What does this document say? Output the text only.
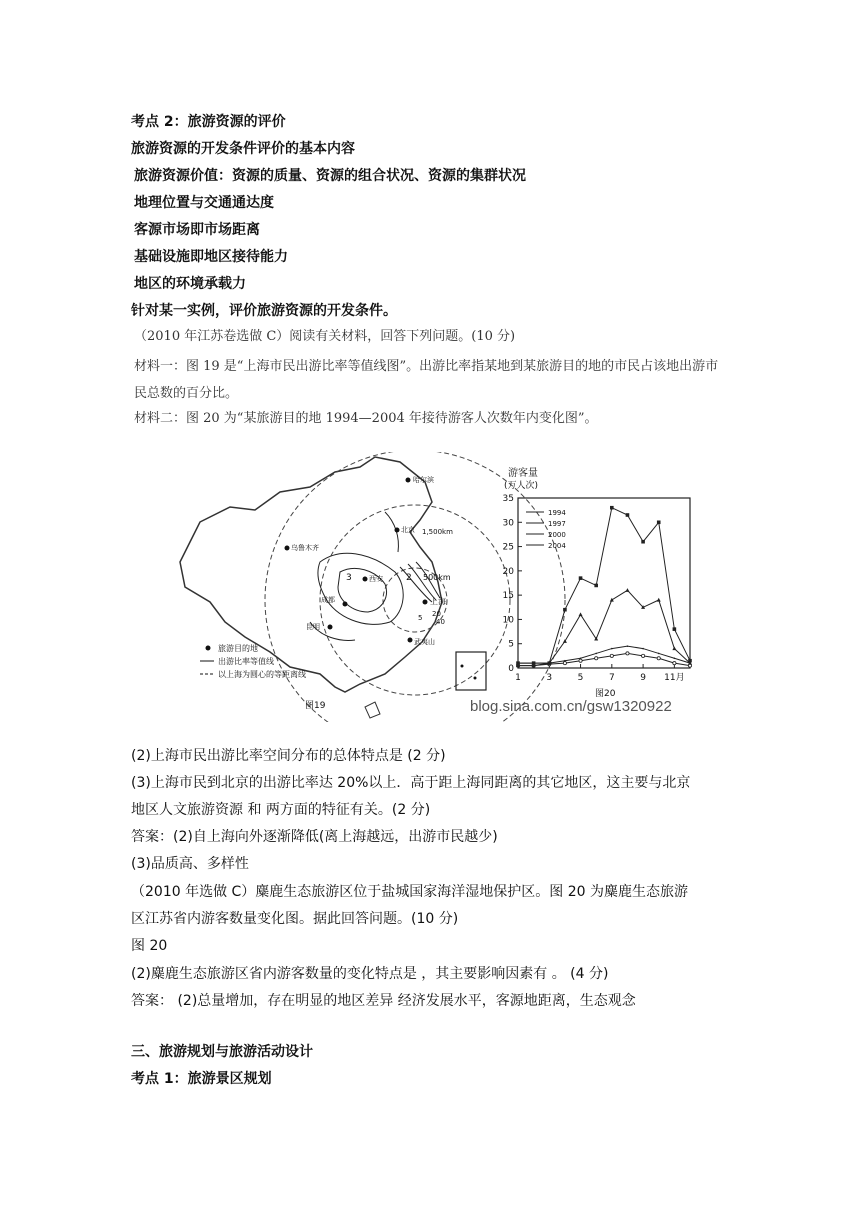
考点 2：旅游资源的评价
旅游资源的开发条件评价的基本内容
旅游资源价值：资源的质量、资源的组合状况、资源的集群状况
地理位置与交通通达度
客源市场即市场距离
基础设施即地区接待能力
地区的环境承载力
针对某一实例，评价旅游资源的开发条件。
（2010 年江苏卷选做 C）阅读有关材料，回答下列问题。(10 分)
材料一：图 19 是“上海市民出游比率等值线图”。出游比率指某地到某旅游目的地的市民占该地出游市民总数的百分比。
材料二：图 20 为“某旅游目的地 1994—2004 年接待游客人次数年内变化图”。
乌鲁木齐
哈尔滨
北京
西安
成都
昆明
上海
武夷山
500km
1,500km
2
3
5 20
40
旅游目的地
出游比率等值线
以上海为圆心的等距离线
图19
游客量
(万人次)
0
5
10
15
20
25
30
35
1	3	5	7	9 11月
1994
1997
2000
2004
图20
blog.sina.com.cn/gsw1320922
(2)上海市民出游比率空间分布的总体特点是 (2 分)
(3)上海市民到北京的出游比率达 20%以上．高于距上海同距离的其它地区，这主要与北京
地区人文旅游资源 和 两方面的特征有关。(2 分)
答案：(2)自上海向外逐渐降低(离上海越远，出游市民越少)
(3)品质高、多样性
（2010 年选做 C）麋鹿生态旅游区位于盐城国家海洋湿地保护区。图 20 为麋鹿生态旅游
区江苏省内游客数量变化图。据此回答问题。(10 分)
图 20
(2)麋鹿生态旅游区省内游客数量的变化特点是 ，其主要影响因素有 。 (4 分)
答案： (2)总量增加，存在明显的地区差异 经济发展水平，客源地距离，生态观念
三、旅游规划与旅游活动设计
考点 1：旅游景区规划
